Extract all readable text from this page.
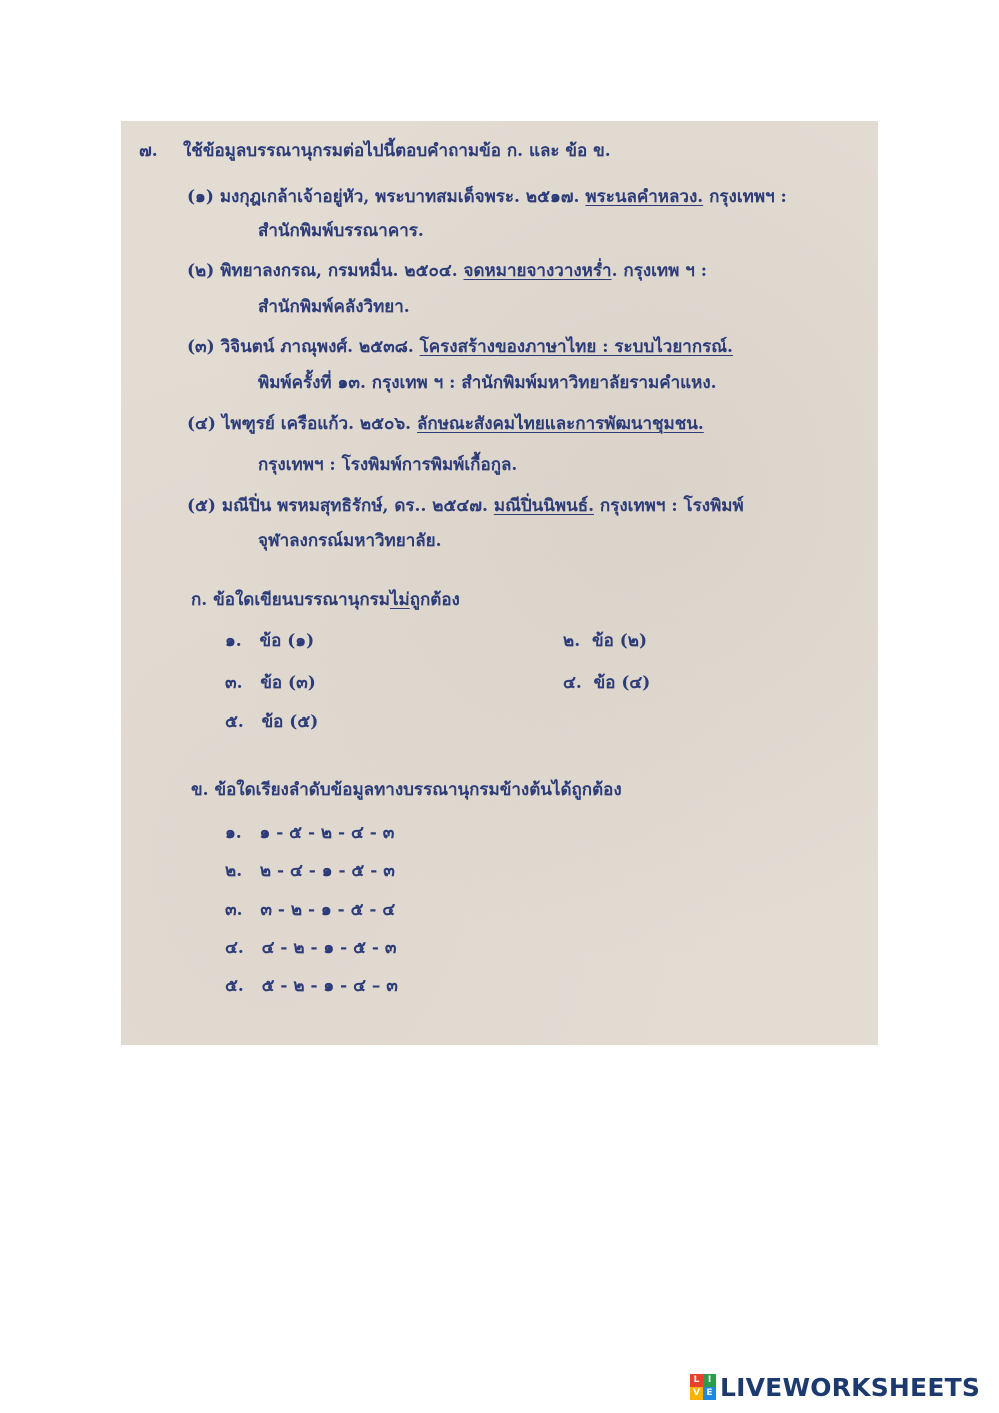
๗. ใช้ข้อมูลบรรณานุกรมต่อไปนี้ตอบคำถามข้อ ก. และ ข้อ ข.
(๑) มงกุฎเกล้าเจ้าอยู่หัว, พระบาทสมเด็จพระ. ๒๕๑๗. พระนลคำหลวง. กรุงเทพฯ :
สำนักพิมพ์บรรณาคาร.
(๒) พิทยาลงกรณ, กรมหมื่น. ๒๕๐๔. จดหมายจางวางหร่ำ. กรุงเทพ ฯ :
สำนักพิมพ์คลังวิทยา.
(๓) วิจินตน์ ภาณุพงศ์. ๒๕๓๘. โครงสร้างของภาษาไทย : ระบบไวยากรณ์.
พิมพ์ครั้งที่ ๑๓. กรุงเทพ ฯ : สำนักพิมพ์มหาวิทยาลัยรามคำแหง.
(๔) ไพฑูรย์ เครือแก้ว. ๒๕๐๖. ลักษณะสังคมไทยและการพัฒนาชุมชน.
กรุงเทพฯ : โรงพิมพ์การพิมพ์เกื้อกูล.
(๕) มณีปิ่น พรหมสุทธิรักษ์, ดร.. ๒๕๔๗. มณีปิ่นนิพนธ์. กรุงเทพฯ : โรงพิมพ์
จุฬาลงกรณ์มหาวิทยาลัย.
ก. ข้อใดเขียนบรรณานุกรมไม่ถูกต้อง
๑. ข้อ (๑)	๒. ข้อ (๒)
๓. ข้อ (๓)	๔. ข้อ (๔)
๕. ข้อ (๕)
ข. ข้อใดเรียงลำดับข้อมูลทางบรรณานุกรมข้างต้นได้ถูกต้อง
๑. ๑ - ๕ - ๒ - ๔ - ๓
๒. ๒ - ๔ - ๑ - ๕ - ๓
๓. ๓ - ๒ - ๑ - ๕ - ๔
๔. ๔ - ๒ - ๑ - ๕ - ๓
๕. ๕ - ๒ - ๑ - ๔ – ๓
L I
V E LIVEWORKSHEETS
